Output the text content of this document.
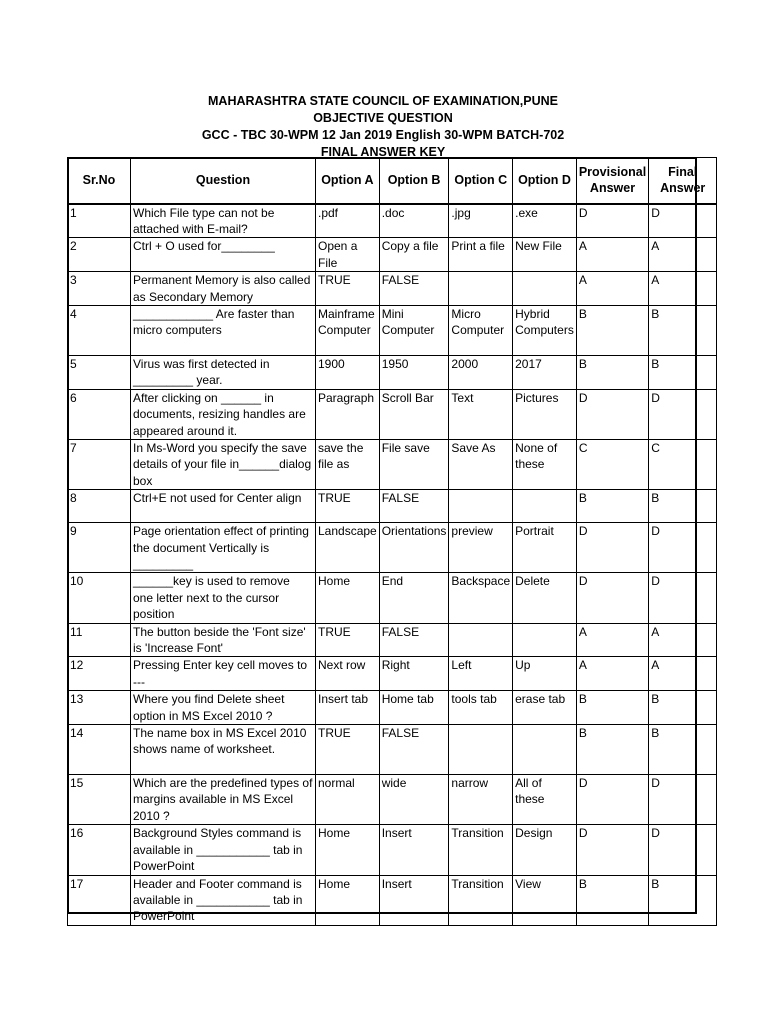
MAHARASHTRA STATE COUNCIL OF EXAMINATION,PUNE
OBJECTIVE QUESTION
GCC - TBC 30-WPM 12 Jan 2019 English 30-WPM BATCH-702
FINAL ANSWER KEY
Sr.No	Question	Option A	Option B	Option C	Option D	Provisional Answer	Final Answer
1	Which File type can not be attached with E-mail?	.pdf	.doc	.jpg	.exe	D	D
2	Ctrl + O used for________	Open a File	Copy a file	Print a file	New File	A	A
3	Permanent Memory is also called as Secondary Memory	TRUE	FALSE			A	A
4	____________ Are faster than micro computers	Mainframe Computer	Mini Computer	Micro Computer	Hybrid Computers	B	B
5	Virus was first detected in _________ year.	1900	1950	2000	2017	B	B
6	After clicking on ______ in documents, resizing handles are appeared around it.	Paragraph	Scroll Bar	Text	Pictures	D	D
7	In Ms-Word you specify the save details of your file in______dialog box	save the file as	File save	Save As	None of these	C	C
8	Ctrl+E not used for Center align	TRUE	FALSE			B	B
9	Page orientation effect of printing the document Vertically is _________	Landscape	Orientations	preview	Portrait	D	D
10	______key is used to remove one letter next to the cursor position	Home	End	Backspace	Delete	D	D
11	The button beside the 'Font size' is 'Increase Font'	TRUE	FALSE			A	A
12	Pressing Enter key cell moves to ---	Next row	Right	Left	Up	A	A
13	Where you find Delete sheet option in MS Excel 2010 ?	Insert tab	Home tab	tools tab	erase tab	B	B
14	The name box in MS Excel 2010 shows name of worksheet.	TRUE	FALSE			B	B
15	Which are the predefined types of margins available in MS Excel 2010 ?	normal	wide	narrow	All of these	D	D
16	Background Styles command is available in ___________ tab in PowerPoint	Home	Insert	Transition	Design	D	D
17	Header and Footer command is available in ___________ tab in PowerPoint	Home	Insert	Transition	View	B	B
